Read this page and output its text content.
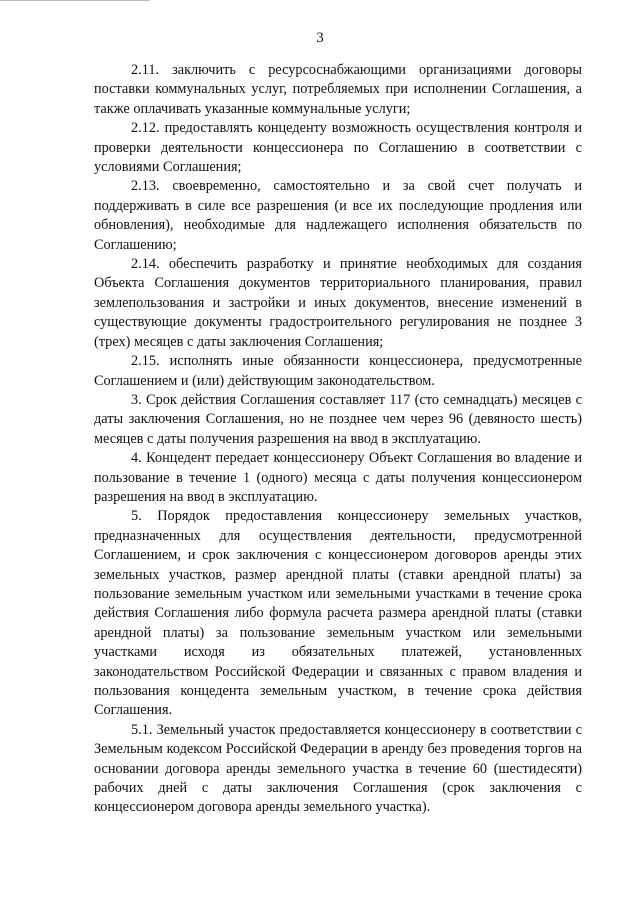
3

2.11. заключить с ресурсоснабжающими организациями договоры поставки коммунальных услуг, потребляемых при исполнении Соглашения, а также оплачивать указанные коммунальные услуги;

2.12. предоставлять концеденту возможность осуществления контроля и проверки деятельности концессионера по Соглашению в соответствии с условиями Соглашения;

2.13. своевременно, самостоятельно и за свой счет получать и поддерживать в силе все разрешения (и все их последующие продления или обновления), необходимые для надлежащего исполнения обязательств по Соглашению;

2.14. обеспечить разработку и принятие необходимых для создания Объекта Соглашения документов территориального планирования, правил землепользования и застройки и иных документов, внесение изменений в существующие документы градостроительного регулирования не позднее 3 (трех) месяцев с даты заключения Соглашения;

2.15. исполнять иные обязанности концессионера, предусмотренные Соглашением и (или) действующим законодательством.

3. Срок действия Соглашения составляет 117 (сто семнадцать) месяцев с даты заключения Соглашения, но не позднее чем через 96 (девяносто шесть) месяцев с даты получения разрешения на ввод в эксплуатацию.

4. Концедент передает концессионеру Объект Соглашения во владение и пользование в течение 1 (одного) месяца с даты получения концессионером разрешения на ввод в эксплуатацию.

5. Порядок предоставления концессионеру земельных участков, предназначенных для осуществления деятельности, предусмотренной Соглашением, и срок заключения с концессионером договоров аренды этих земельных участков, размер арендной платы (ставки арендной платы) за пользование земельным участком или земельными участками в течение срока действия Соглашения либо формула расчета размера арендной платы (ставки арендной платы) за пользование земельным участком или земельными участками исходя из обязательных платежей, установленных законодательством Российской Федерации и связанных с правом владения и пользования концедента земельным участком, в течение срока действия Соглашения.

5.1. Земельный участок предоставляется концессионеру в соответствии с Земельным кодексом Российской Федерации в аренду без проведения торгов на основании договора аренды земельного участка в течение 60 (шестидесяти) рабочих дней с даты заключения Соглашения (срок заключения с концессионером договора аренды земельного участка).
